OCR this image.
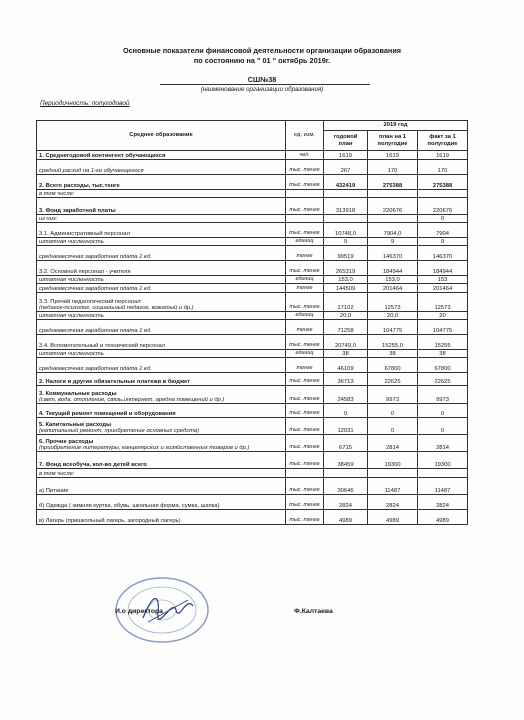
Основные показатели финансовой деятельности организации образования
по состоянию на " 01 " октябрь 2019г.
СШ№38
(наименование организации образования)
Периодичность: полугодовой
Среднее образование	ед. изм.	2019 год		
		годовой план	план на 1 полугодие	факт за 1 полугодие
1. Среднегодовой контингент обучающихся	чел.	1619	1619	1619
средний расход на 1-го обучающегося	тыс. тенге	267	170	170
2. Всего расходы, тыс.тенге	тыс. тенге	432419	275388	275388
в том числе:				
3. Фонд заработной платы	тыс. тенге	313918	220676	220676
из них:				0
3.1. Административный персонал	тыс. тенге	10748,0	7904,0	7904
штатная численность	единиц	9	9	9
среднемесячная заработная плата 1 ед.	тенге	99519	146370	146370
3.2. Основной персонал - учителя	тыс. тенге	265319	184944	184944
штатная численность	единиц	153,0	153,0	153
среднемесячная заработная плата 1 ед.	тенге	144509	201464	201464
3.3. Прочий педагогический персонал
(педагог-психолог, социальный педагог, вожатый и др.)	тыс. тенге	17102	12573	12573
штатная численность	единиц	20,0	20,0	20
среднемесячная заработная плата 1 ед.	тенге	71258	104775	104775
3.4. Вспомогательный и технический персонал	тыс. тенге	20749,0	15255,0	15255
штатная численность	единиц	38	38	38
среднемесячная заработная плата 1 ед.	тенге	46109	67800	67800
2. Налоги и другие обязательные платежи в бюджет	тыс. тенге	36713	22625	22625
3. Коммунальные расходы
(свет, вода, отопление, связь,интернет, аредна помещений и др.)	тыс. тенге	24583	9973	9973
4. Текущий ремонт помещений и оборудования	тыс. тенге	0	0	0
5. Капитальные расходы
(капитальный ремонт, приобретение основных средств)	тыс. тенге	12031	0	0
6. Прочие расходы
(приобретение литературы, канцелярских и хозяйственных товаров и др.)	тыс. тенге	6715	2814	2814
7. Фонд всеобуча, кол-во детей всего	тыс. тенге	38459	19300	19300
в том числе:				
а) Питание	тыс. тенге	30646	11487	11487
б) Одежда ( зимняя куртка, обувь, школьная форма, сумка, шапка)	тыс. тенге	2824	2824	2824
в) Лагерь (пришкольный лагерь, загородный лагерь)	тыс. тенге	4989	4989	4989
И.о директора	Ф.Калтаева
